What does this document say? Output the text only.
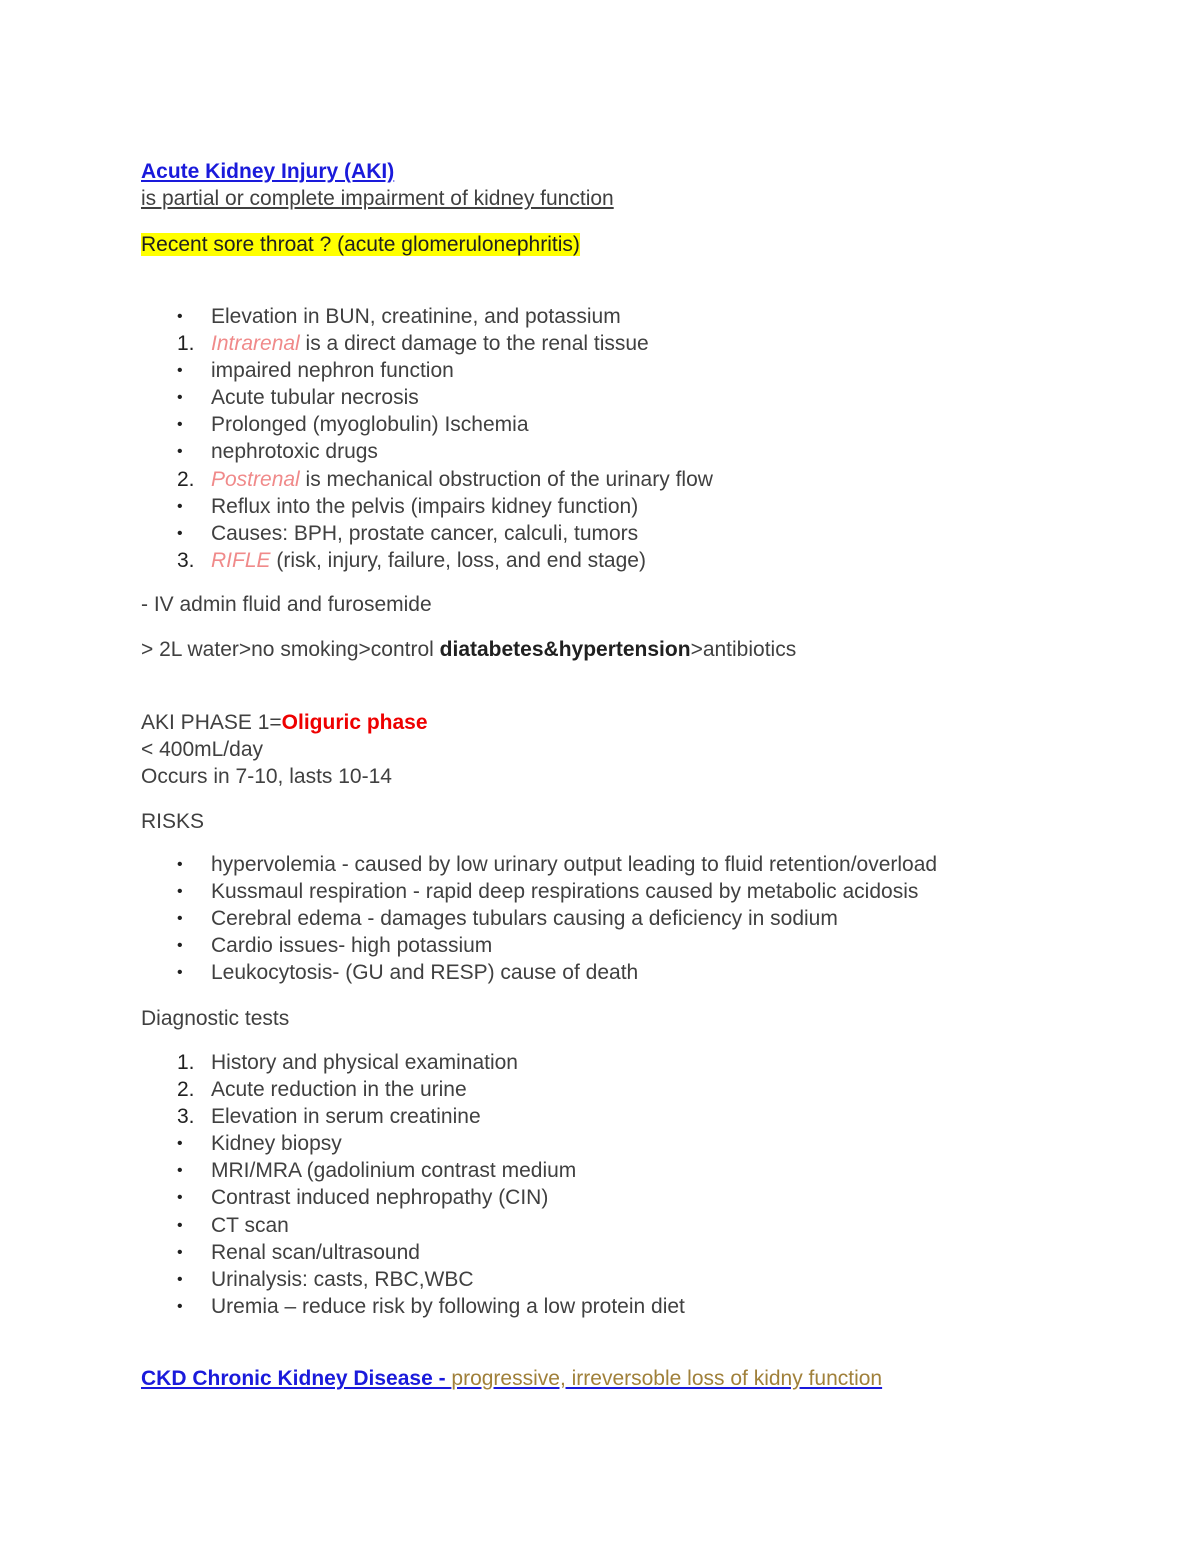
Acute Kidney Injury (AKI)
is partial or complete impairment of kidney function
Recent sore throat ? (acute glomerulonephritis)
•	Elevation in BUN, creatinine, and potassium
1. Intrarenal is a direct damage to the renal tissue
•	impaired nephron function
•	Acute tubular necrosis
•	Prolonged (myoglobulin) Ischemia
•	nephrotoxic drugs
2. Postrenal is mechanical obstruction of the urinary flow
•	Reflux into the pelvis (impairs kidney function)
•	Causes: BPH, prostate cancer, calculi, tumors
3. RIFLE (risk, injury, failure, loss, and end stage)
- IV admin fluid and furosemide
> 2L water>no smoking>control diatabetes&hypertension>antibiotics
AKI PHASE 1=Oliguric phase
< 400mL/day
Occurs in 7-10, lasts 10-14
RISKS
•	hypervolemia - caused by low urinary output leading to fluid retention/overload
•	Kussmaul respiration - rapid deep respirations caused by metabolic acidosis
•	Cerebral edema - damages tubulars causing a deficiency in sodium
•	Cardio issues- high potassium
•	Leukocytosis- (GU and RESP) cause of death
Diagnostic tests
1. History and physical examination
2. Acute reduction in the urine
3. Elevation in serum creatinine
•	Kidney biopsy
•	MRI/MRA (gadolinium contrast medium
•	Contrast induced nephropathy (CIN)
•	CT scan
•	Renal scan/ultrasound
•	Urinalysis: casts, RBC,WBC
•	Uremia – reduce risk by following a low protein diet
CKD Chronic Kidney Disease - progressive, irreversoble loss of kidny function
